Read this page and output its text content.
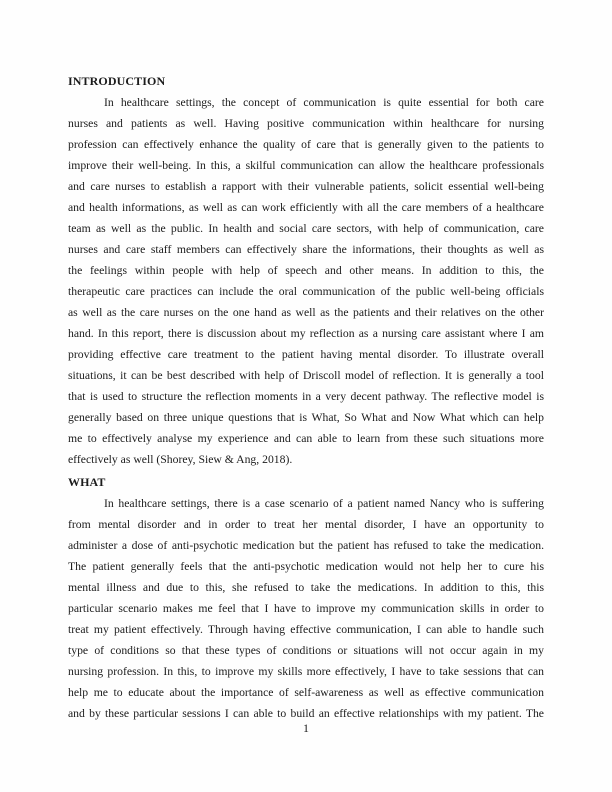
INTRODUCTION
In healthcare settings, the concept of communication is quite essential for both care
nurses and patients as well. Having positive communication within healthcare for nursing
profession can effectively enhance the quality of care that is generally given to the patients to
improve their well-being. In this, a skilful communication can allow the healthcare professionals
and care nurses to establish a rapport with their vulnerable patients, solicit essential well-being
and health informations, as well as can work efficiently with all the care members of a healthcare
team as well as the public. In health and social care sectors, with help of communication, care
nurses and care staff members can effectively share the informations, their thoughts as well as
the feelings within people with help of speech and other means. In addition to this, the
therapeutic care practices can include the oral communication of the public well-being officials
as well as the care nurses on the one hand as well as the patients and their relatives on the other
hand. In this report, there is discussion about my reflection as a nursing care assistant where I am
providing effective care treatment to the patient having mental disorder. To illustrate overall
situations, it can be best described with help of Driscoll model of reflection. It is generally a tool
that is used to structure the reflection moments in a very decent pathway. The reflective model is
generally based on three unique questions that is What, So What and Now What which can help
me to effectively analyse my experience and can able to learn from these such situations more
effectively as well (Shorey, Siew & Ang, 2018).
WHAT
In healthcare settings, there is a case scenario of a patient named Nancy who is suffering
from mental disorder and in order to treat her mental disorder, I have an opportunity to
administer a dose of anti-psychotic medication but the patient has refused to take the medication.
The patient generally feels that the anti-psychotic medication would not help her to cure his
mental illness and due to this, she refused to take the medications. In addition to this, this
particular scenario makes me feel that I have to improve my communication skills in order to
treat my patient effectively. Through having effective communication, I can able to handle such
type of conditions so that these types of conditions or situations will not occur again in my
nursing profession. In this, to improve my skills more effectively, I have to take sessions that can
help me to educate about the importance of self-awareness as well as effective communication
and by these particular sessions I can able to build an effective relationships with my patient. The
1
